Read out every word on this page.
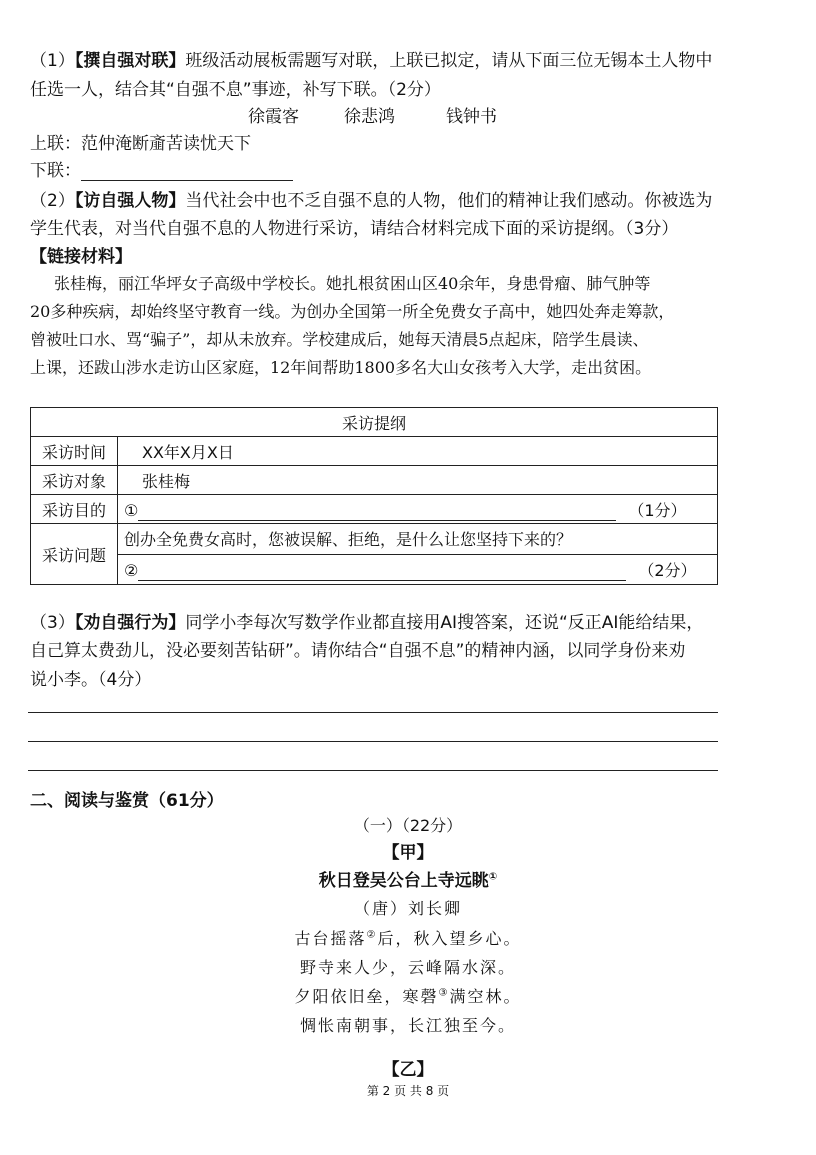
（1）【撰自强对联】班级活动展板需题写对联，上联已拟定，请从下面三位无锡本土人物中
任选一人，结合其“自强不息”事迹，补写下联。（2分）
徐霞客	徐悲鸿	钱钟书
上联：范仲淹断齑苦读忧天下
下联：
（2）【访自强人物】当代社会中也不乏自强不息的人物，他们的精神让我们感动。你被选为
学生代表，对当代自强不息的人物进行采访，请结合材料完成下面的采访提纲。（3分）
【链接材料】
张桂梅，丽江华坪女子高级中学校长。她扎根贫困山区40余年，身患骨瘤、肺气肿等
20多种疾病，却始终坚守教育一线。为创办全国第一所全免费女子高中，她四处奔走筹款，
曾被吐口水、骂“骗子”，却从未放弃。学校建成后，她每天清晨5点起床，陪学生晨读、
上课，还跋山涉水走访山区家庭，12年间帮助1800多名大山女孩考入大学，走出贫困。
采访提纲	
采访时间	XX年X月X日
采访对象	张桂梅
采访目的	① （1分）
采访问题	创办全免费女高时，您被误解、拒绝，是什么让您坚持下来的？
	② （2分）
（3）【劝自强行为】同学小李每次写数学作业都直接用AI搜答案，还说“反正AI能给结果，
自己算太费劲儿，没必要刻苦钻研”。请你结合“自强不息”的精神内涵，以同学身份来劝
说小李。（4分）
二、阅读与鉴赏（61分）
（一）（22分）
【甲】
秋日登吴公台上寺远眺①
（唐）刘长卿
古台摇落②后，秋入望乡心。
野寺来人少，云峰隔水深。
夕阳依旧垒，寒磬③满空林。
惆怅南朝事，长江独至今。
【乙】
第 2 页 共 8 页
